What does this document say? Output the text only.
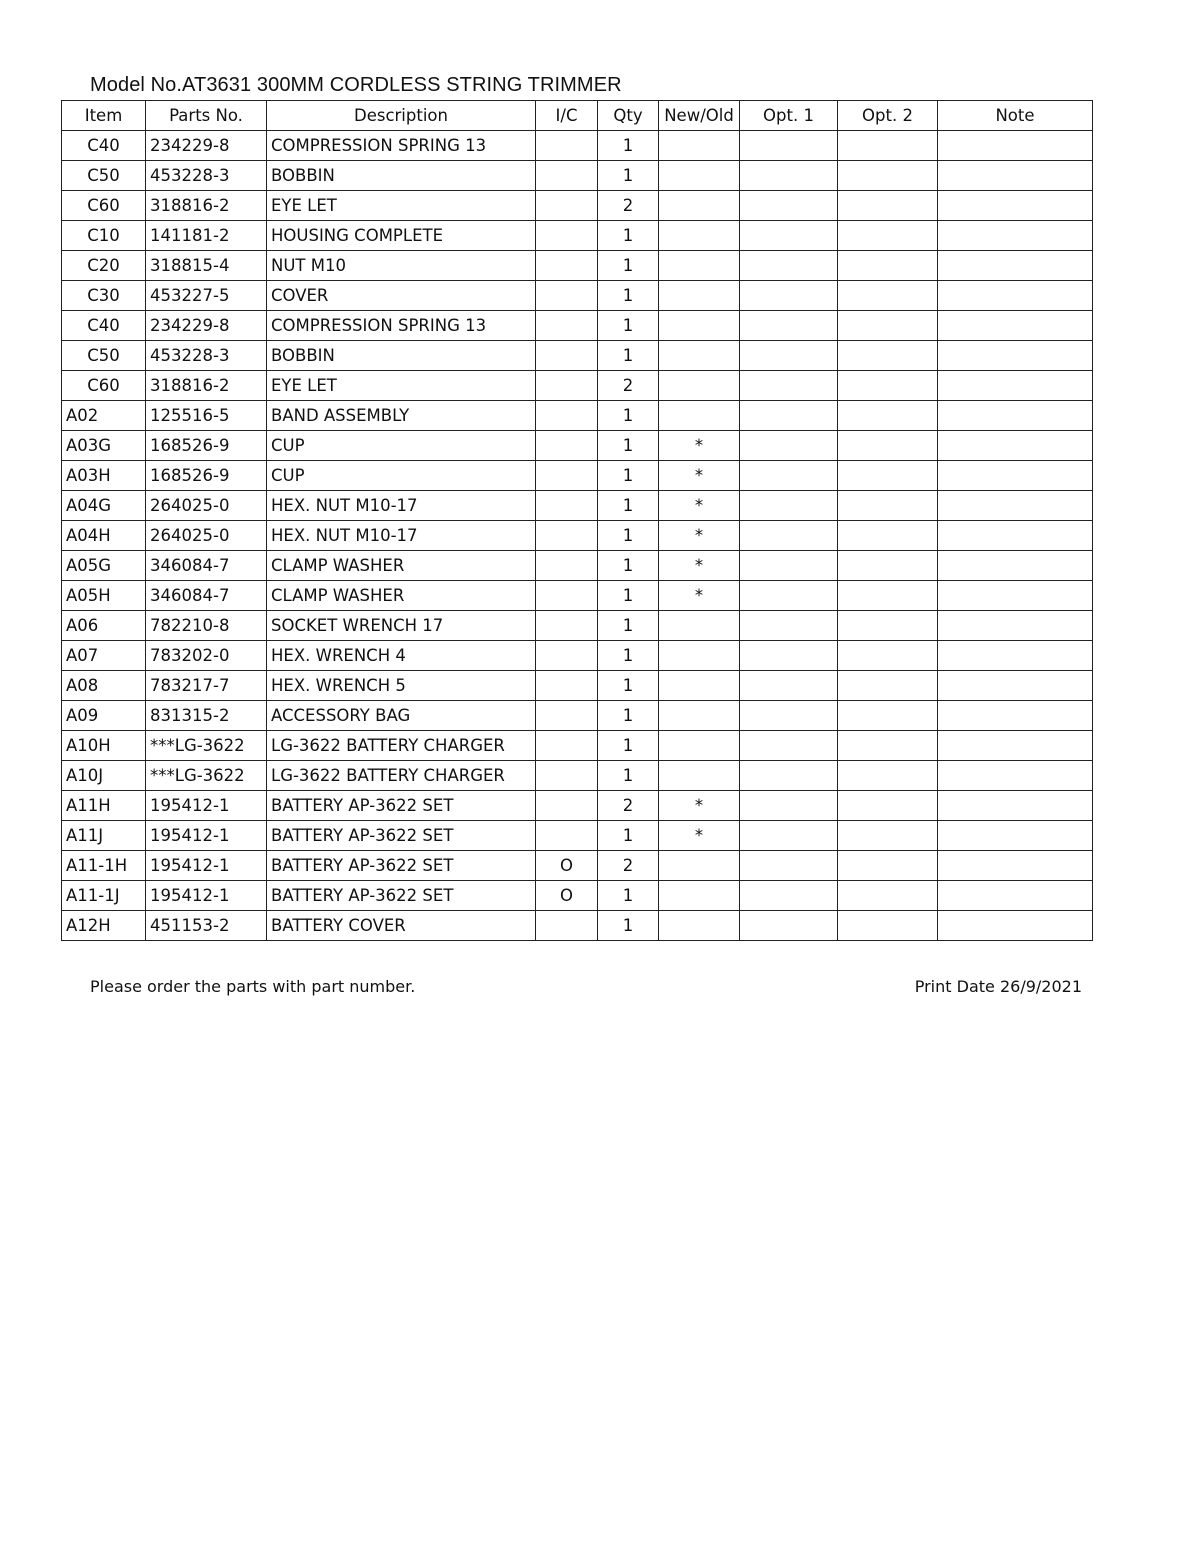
Model No.AT3631 300MM CORDLESS STRING TRIMMER
Item	Parts No.	Description	I/C	Qty	New/Old	Opt. 1	Opt. 2	Note
C40	234229-8	COMPRESSION SPRING 13		1				
C50	453228-3	BOBBIN		1				
C60	318816-2	EYE LET		2				
C10	141181-2	HOUSING COMPLETE		1				
C20	318815-4	NUT M10		1				
C30	453227-5	COVER		1				
C40	234229-8	COMPRESSION SPRING 13		1				
C50	453228-3	BOBBIN		1				
C60	318816-2	EYE LET		2				
A02	125516-5	BAND ASSEMBLY		1				
A03G	168526-9	CUP		1	*			
A03H	168526-9	CUP		1	*			
A04G	264025-0	HEX. NUT M10-17		1	*			
A04H	264025-0	HEX. NUT M10-17		1	*			
A05G	346084-7	CLAMP WASHER		1	*			
A05H	346084-7	CLAMP WASHER		1	*			
A06	782210-8	SOCKET WRENCH 17		1				
A07	783202-0	HEX. WRENCH 4		1				
A08	783217-7	HEX. WRENCH 5		1				
A09	831315-2	ACCESSORY BAG		1				
A10H	***LG-3622	LG-3622 BATTERY CHARGER		1				
A10J	***LG-3622	LG-3622 BATTERY CHARGER		1				
A11H	195412-1	BATTERY AP-3622 SET		2	*			
A11J	195412-1	BATTERY AP-3622 SET		1	*			
A11-1H	195412-1	BATTERY AP-3622 SET	O	2				
A11-1J	195412-1	BATTERY AP-3622 SET	O	1				
A12H	451153-2	BATTERY COVER		1				
Please order the parts with part number.	Print Date 26/9/2021
